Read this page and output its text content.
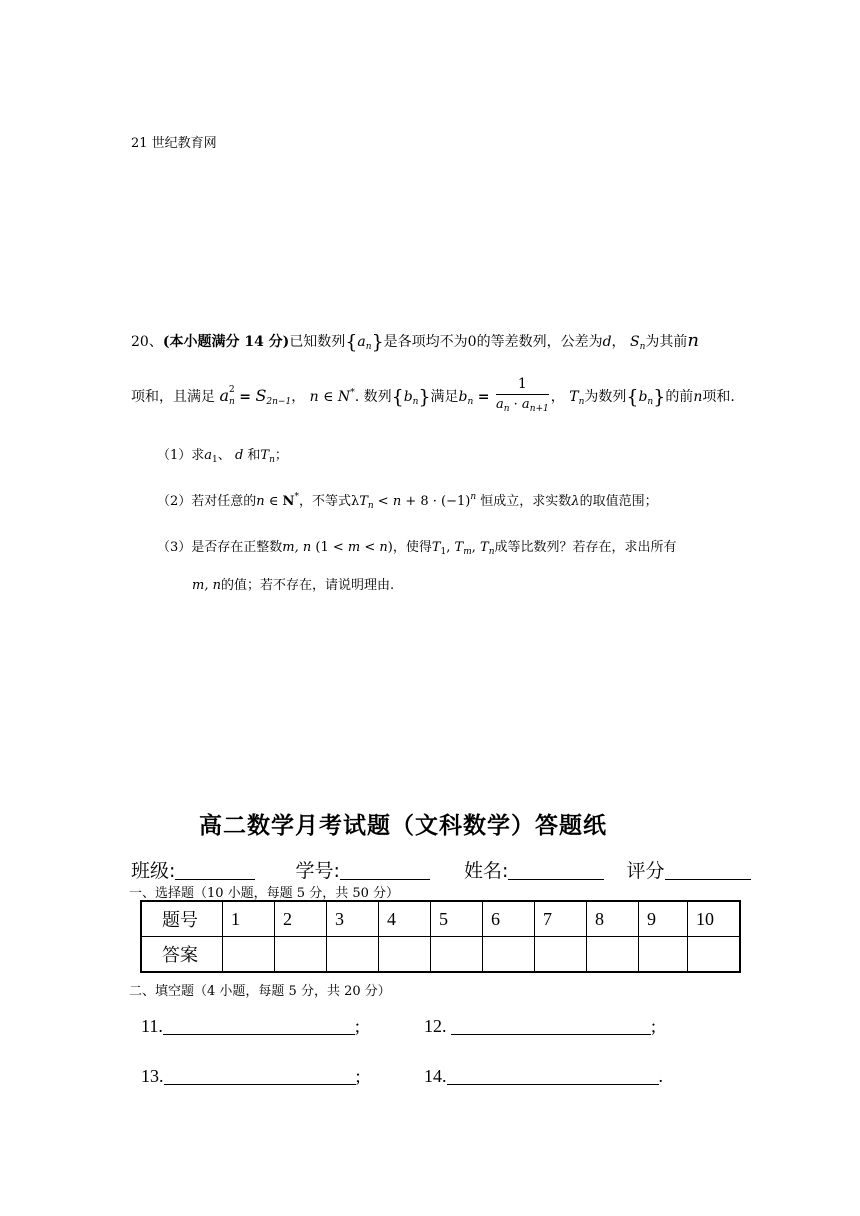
21 世纪教育网
20、(本小题满分 14 分)已知数列$\{a_n\}$是各项均不为0的等差数列，公差为d， $S_n$为其前n
项和，且满足 a $_{2 n} = S_{2n-1}$， n ∈ N*. 数列$\{b_n\}$满足$b_n = \frac{1}{a_n \cdot a_{n+1}}$ ， $T_n$为数列$\{b_n\}$的前n项和.
（1）求$a_1$、 d 和$T_n$；
（2）若对任意的n ∈ N*，不等式$\lambda T_n < n + 8 \cdot (-1)^n$ 恒成立，求实数λ的取值范围；
（3）是否存在正整数m, n (1 < m < n)，使得$T_1$, $T_m$, $T_n$成等比数列？若存在，求出所有
m, n的值；若不存在，请说明理由.
高二数学月考试题（文科数学）答题纸
班级:	学号:	姓名:	评分
一、选择题（10 小题，每题 5 分，共 50 分）
题号	1	2	3	4	5	6	7	8	9	10
答案										
二、填空题（4 小题，每题 5 分，共 20 分）
11.	;	12.	;
13.	;	14.	.
